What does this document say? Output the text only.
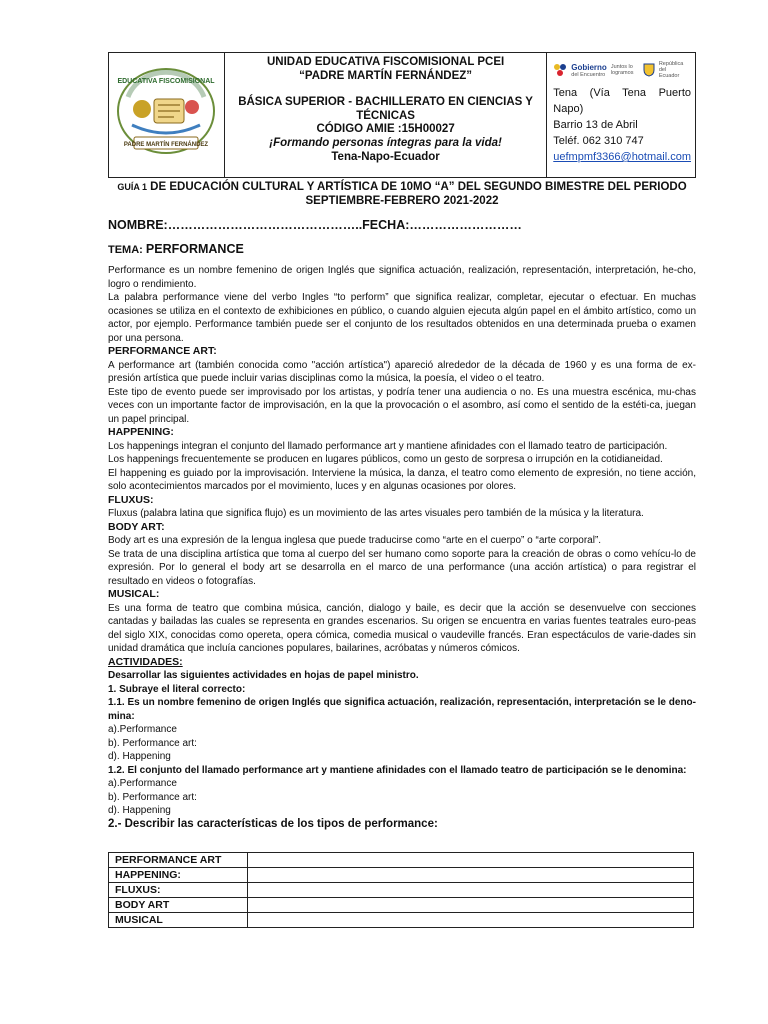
EDUCATIVA FISCOMISIONAL
PADRE MARTÍN FERNÁNDEZ
UNIDAD EDUCATIVA FISCOMISIONAL PCEI
“PADRE MARTÍN FERNÁNDEZ”
BÁSICA SUPERIOR - BACHILLERATO EN CIENCIAS Y
TÉCNICAS
CÓDIGO AMIE :15H00027
¡Formando personas íntegras para la vida!
Tena-Napo-Ecuador
Gobierno
del Encuentro
Juntos lo logramos
República del Ecuador
Tena (Vía Tena Puerto Napo)
Barrio 13 de Abril
Teléf. 062 310 747
uefmpmf3366@hotmail.com
GUÍA 1 DE EDUCACIÓN CULTURAL Y ARTÍSTICA DE 10MO “A” DEL SEGUNDO BIMESTRE DEL PERIODO
SEPTIEMBRE-FEBRERO 2021-2022
NOMBRE:………………………………………..FECHA:………………………
TEMA: PERFORMANCE

Performance es un nombre femenino de origen Inglés que significa actuación, realización, representación, interpretación, he-cho, logro o rendimiento.

La palabra performance viene del verbo Ingles “to perform” que significa realizar, completar, ejecutar o efectuar. En muchas ocasiones se utiliza en el contexto de exhibiciones en público, o cuando alguien ejecuta algún papel en el ámbito artístico, como un actor, por ejemplo. Performance también puede ser el conjunto de los resultados obtenidos en una determinada prueba o examen por una persona.

PERFORMANCE ART:

A performance art (también conocida como "acción artística") apareció alrededor de la década de 1960 y es una forma de ex-presión artística que puede incluir varias disciplinas como la música, la poesía, el video o el teatro.

Este tipo de evento puede ser improvisado por los artistas, y podría tener una audiencia o no. Es una muestra escénica, mu-chas veces con un importante factor de improvisación, en la que la provocación o el asombro, así como el sentido de la estéti-ca, juegan un papel principal.

HAPPENING:

Los happenings integran el conjunto del llamado performance art y mantiene afinidades con el llamado teatro de participación.

Los happenings frecuentemente se producen en lugares públicos, como un gesto de sorpresa o irrupción en la cotidianeidad.

El happening es guiado por la improvisación. Interviene la música, la danza, el teatro como elemento de expresión, no tiene acción, solo acontecimientos marcados por el movimiento, luces y en algunas ocasiones por olores.

FLUXUS:

Fluxus (palabra latina que significa flujo) es un movimiento de las artes visuales pero también de la música y la literatura.

BODY ART:

Body art es una expresión de la lengua inglesa que puede traducirse como “arte en el cuerpo” o “arte corporal”.

Se trata de una disciplina artística que toma al cuerpo del ser humano como soporte para la creación de obras o como vehícu-lo de expresión. Por lo general el body art se desarrolla en el marco de una performance (una acción artística) o para registrar el resultado en videos o fotografías.

MUSICAL:

Es una forma de teatro que combina música, canción, dialogo y baile, es decir que la acción se desenvuelve con secciones cantadas y bailadas las cuales se representa en grandes escenarios. Su origen se encuentra en varias fuentes teatrales euro-peas del siglo XIX, conocidas como opereta, opera cómica, comedia musical o vaudeville francés. Eran espectáculos de varie-dades sin unidad dramática que incluía canciones populares, bailarines, acróbatas y números cómicos.

ACTIVIDADES:

Desarrollar las siguientes actividades en hojas de papel ministro.

1. Subraye el literal correcto:

1.1. Es un nombre femenino de origen Inglés que significa actuación, realización, representación, interpretación se le deno-mina:

a).Performance

b). Performance art:

d). Happening

1.2. El conjunto del llamado performance art y mantiene afinidades con el llamado teatro de participación se le denomina:

a).Performance

b). Performance art:

d). Happening

2.- Describir las características de los tipos de performance:

PERFORMANCE ART	
HAPPENING:	
FLUXUS:	
BODY ART	
MUSICAL	
